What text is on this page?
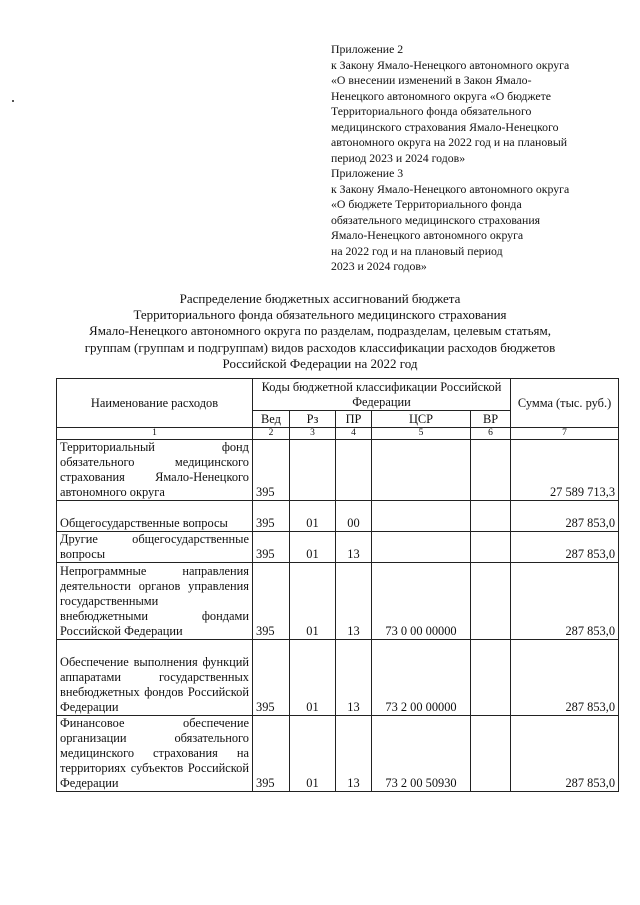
Приложение 2
к Закону Ямало-Ненецкого автономного округа
«О внесении изменений в Закон Ямало-
Ненецкого автономного округа «О бюджете
Территориального фонда обязательного
медицинского страхования Ямало-Ненецкого
автономного округа на 2022 год и на плановый
период 2023 и 2024 годов»
Приложение 3
к Закону Ямало-Ненецкого автономного округа
«О бюджете Территориального фонда
обязательного медицинского страхования
Ямало-Ненецкого автономного округа
на 2022 год и на плановый период
2023 и 2024 годов»
Распределение бюджетных ассигнований бюджета
Территориального фонда обязательного медицинского страхования
Ямало-Ненецкого автономного округа по разделам, подразделам, целевым статьям,
группам (группам и подгруппам) видов расходов классификации расходов бюджетов
Российской Федерации на 2022 год
Наименование расходов	Коды бюджетной классификации Российской Федерации					Сумма (тыс. руб.)
	Вед	Рз	ПР	ЦСР	ВР	
1	2	3	4	5	6	7
Территориальный фонд обязательного медицинского страхования Ямало-Ненецкого автономного округа	395					27 589 713,3
Общегосударственные вопросы	395	01	00			287 853,0
Другие общегосударственные вопросы	395	01	13			287 853,0
Непрограммные направления деятельности органов управления государственными внебюджетными фондами Российской Федерации	395	01	13	73 0 00 00000		287 853,0
Обеспечение выполнения функций аппаратами государственных внебюджетных фондов Российской Федерации	395	01	13	73 2 00 00000		287 853,0
Финансовое обеспечение организации обязательного медицинского страхования на территориях субъектов Российской Федерации	395	01	13	73 2 00 50930		287 853,0
